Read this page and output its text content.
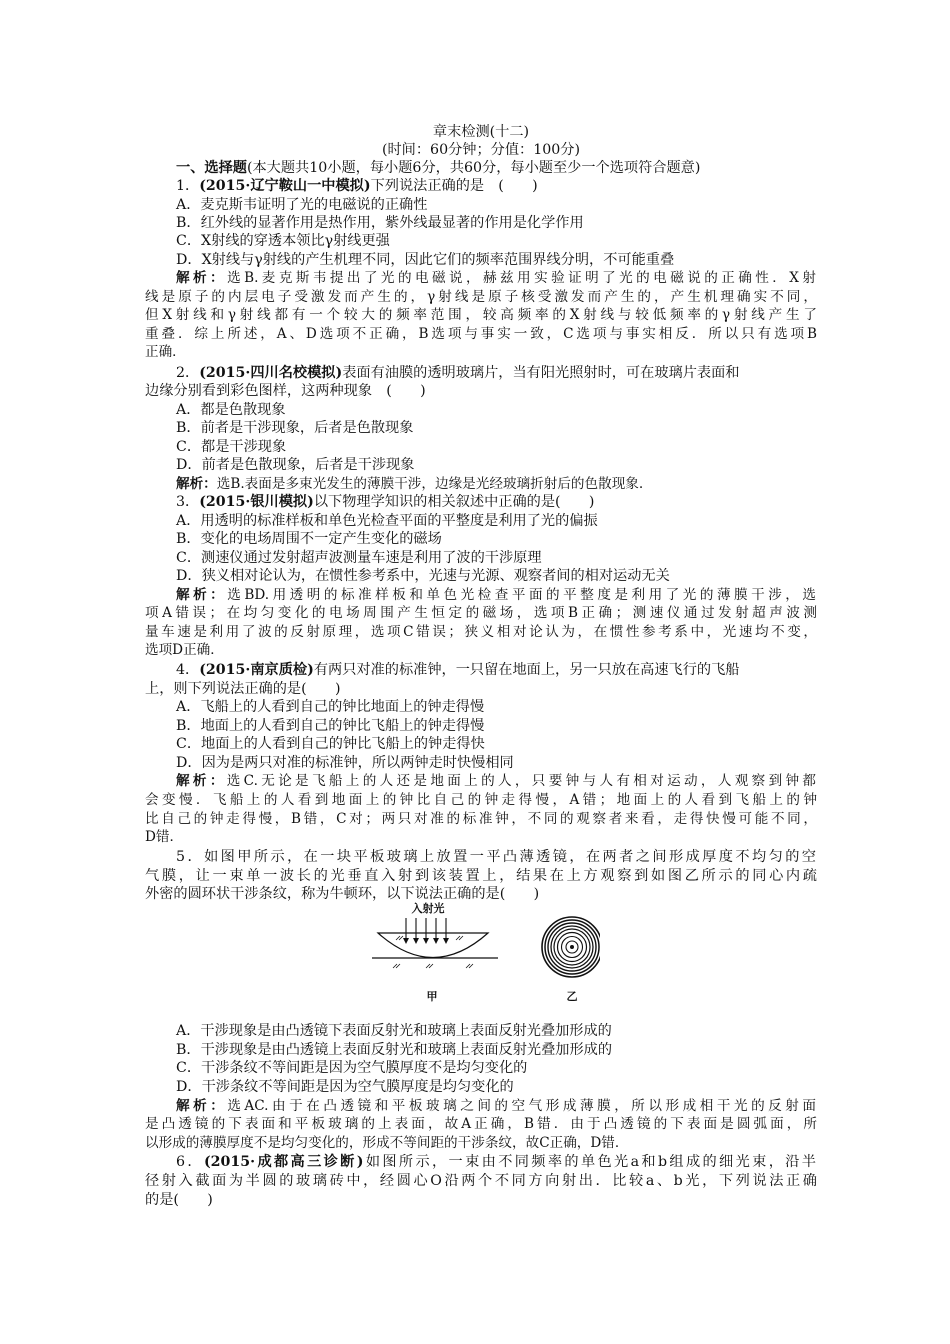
章末检测(十二)
(时间：60分钟；分值：100分)
一、选择题(本大题共10小题，每小题6分，共60分，每小题至少一个选项符合题意)
1．(2015·辽宁鞍山一中模拟)下列说法正确的是　(　　)
A．麦克斯韦证明了光的电磁说的正确性
B．红外线的显著作用是热作用，紫外线最显著的作用是化学作用
C．X射线的穿透本领比γ射线更强
D．X射线与γ射线的产生机理不同，因此它们的频率范围界线分明，不可能重叠
解析：选B.麦克斯韦提出了光的电磁说，赫兹用实验证明了光的电磁说的正确性．X射
线是原子的内层电子受激发而产生的，γ射线是原子核受激发而产生的，产生机理确实不同，
但X射线和γ射线都有一个较大的频率范围，较高频率的X射线与较低频率的γ射线产生了
重叠．综上所述，A、D选项不正确，B选项与事实一致，C选项与事实相反．所以只有选项B
正确．
2．(2015·四川名校模拟)表面有油膜的透明玻璃片，当有阳光照射时，可在玻璃片表面和
边缘分别看到彩色图样，这两种现象　(　　)
A．都是色散现象
B．前者是干涉现象，后者是色散现象
C．都是干涉现象
D．前者是色散现象，后者是干涉现象
解析：选B.表面是多束光发生的薄膜干涉，边缘是光经玻璃折射后的色散现象.
3．(2015·银川模拟)以下物理学知识的相关叙述中正确的是(　　)
A．用透明的标准样板和单色光检查平面的平整度是利用了光的偏振
B．变化的电场周围不一定产生变化的磁场
C．测速仪通过发射超声波测量车速是利用了波的干涉原理
D．狭义相对论认为，在惯性参考系中，光速与光源、观察者间的相对运动无关
解析：选BD.用透明的标准样板和单色光检查平面的平整度是利用了光的薄膜干涉，选
项A错误；在均匀变化的电场周围产生恒定的磁场，选项B正确；测速仪通过发射超声波测
量车速是利用了波的反射原理，选项C错误；狭义相对论认为，在惯性参考系中，光速均不变，
选项D正确．
4．(2015·南京质检)有两只对准的标准钟，一只留在地面上，另一只放在高速飞行的飞船
上，则下列说法正确的是(　　)
A．飞船上的人看到自己的钟比地面上的钟走得慢
B．地面上的人看到自己的钟比飞船上的钟走得慢
C．地面上的人看到自己的钟比飞船上的钟走得快
D．因为是两只对准的标准钟，所以两钟走时快慢相同
解析：选C.无论是飞船上的人还是地面上的人，只要钟与人有相对运动，人观察到钟都
会变慢．飞船上的人看到地面上的钟比自己的钟走得慢，A错；地面上的人看到飞船上的钟
比自己的钟走得慢，B错，C对；两只对准的标准钟，不同的观察者来看，走得快慢可能不同，
D错．
5．如图甲所示，在一块平板玻璃上放置一平凸薄透镜，在两者之间形成厚度不均匀的空
气膜，让一束单一波长的光垂直入射到该装置上，结果在上方观察到如图乙所示的同心内疏
外密的圆环状干涉条纹，称为牛顿环，以下说法正确的是(　　)
入射光
甲	乙
A．干涉现象是由凸透镜下表面反射光和玻璃上表面反射光叠加形成的
B．干涉现象是由凸透镜上表面反射光和玻璃上表面反射光叠加形成的
C．干涉条纹不等间距是因为空气膜厚度不是均匀变化的
D．干涉条纹不等间距是因为空气膜厚度是均匀变化的
解析：选AC.由于在凸透镜和平板玻璃之间的空气形成薄膜，所以形成相干光的反射面
是凸透镜的下表面和平板玻璃的上表面，故A正确，B错．由于凸透镜的下表面是圆弧面，所
以形成的薄膜厚度不是均匀变化的，形成不等间距的干涉条纹，故C正确，D错．
6．(2015·成都高三诊断)如图所示，一束由不同频率的单色光a和b组成的细光束，沿半
径射入截面为半圆的玻璃砖中，经圆心O沿两个不同方向射出．比较a、b光，下列说法正确
的是(　　)
